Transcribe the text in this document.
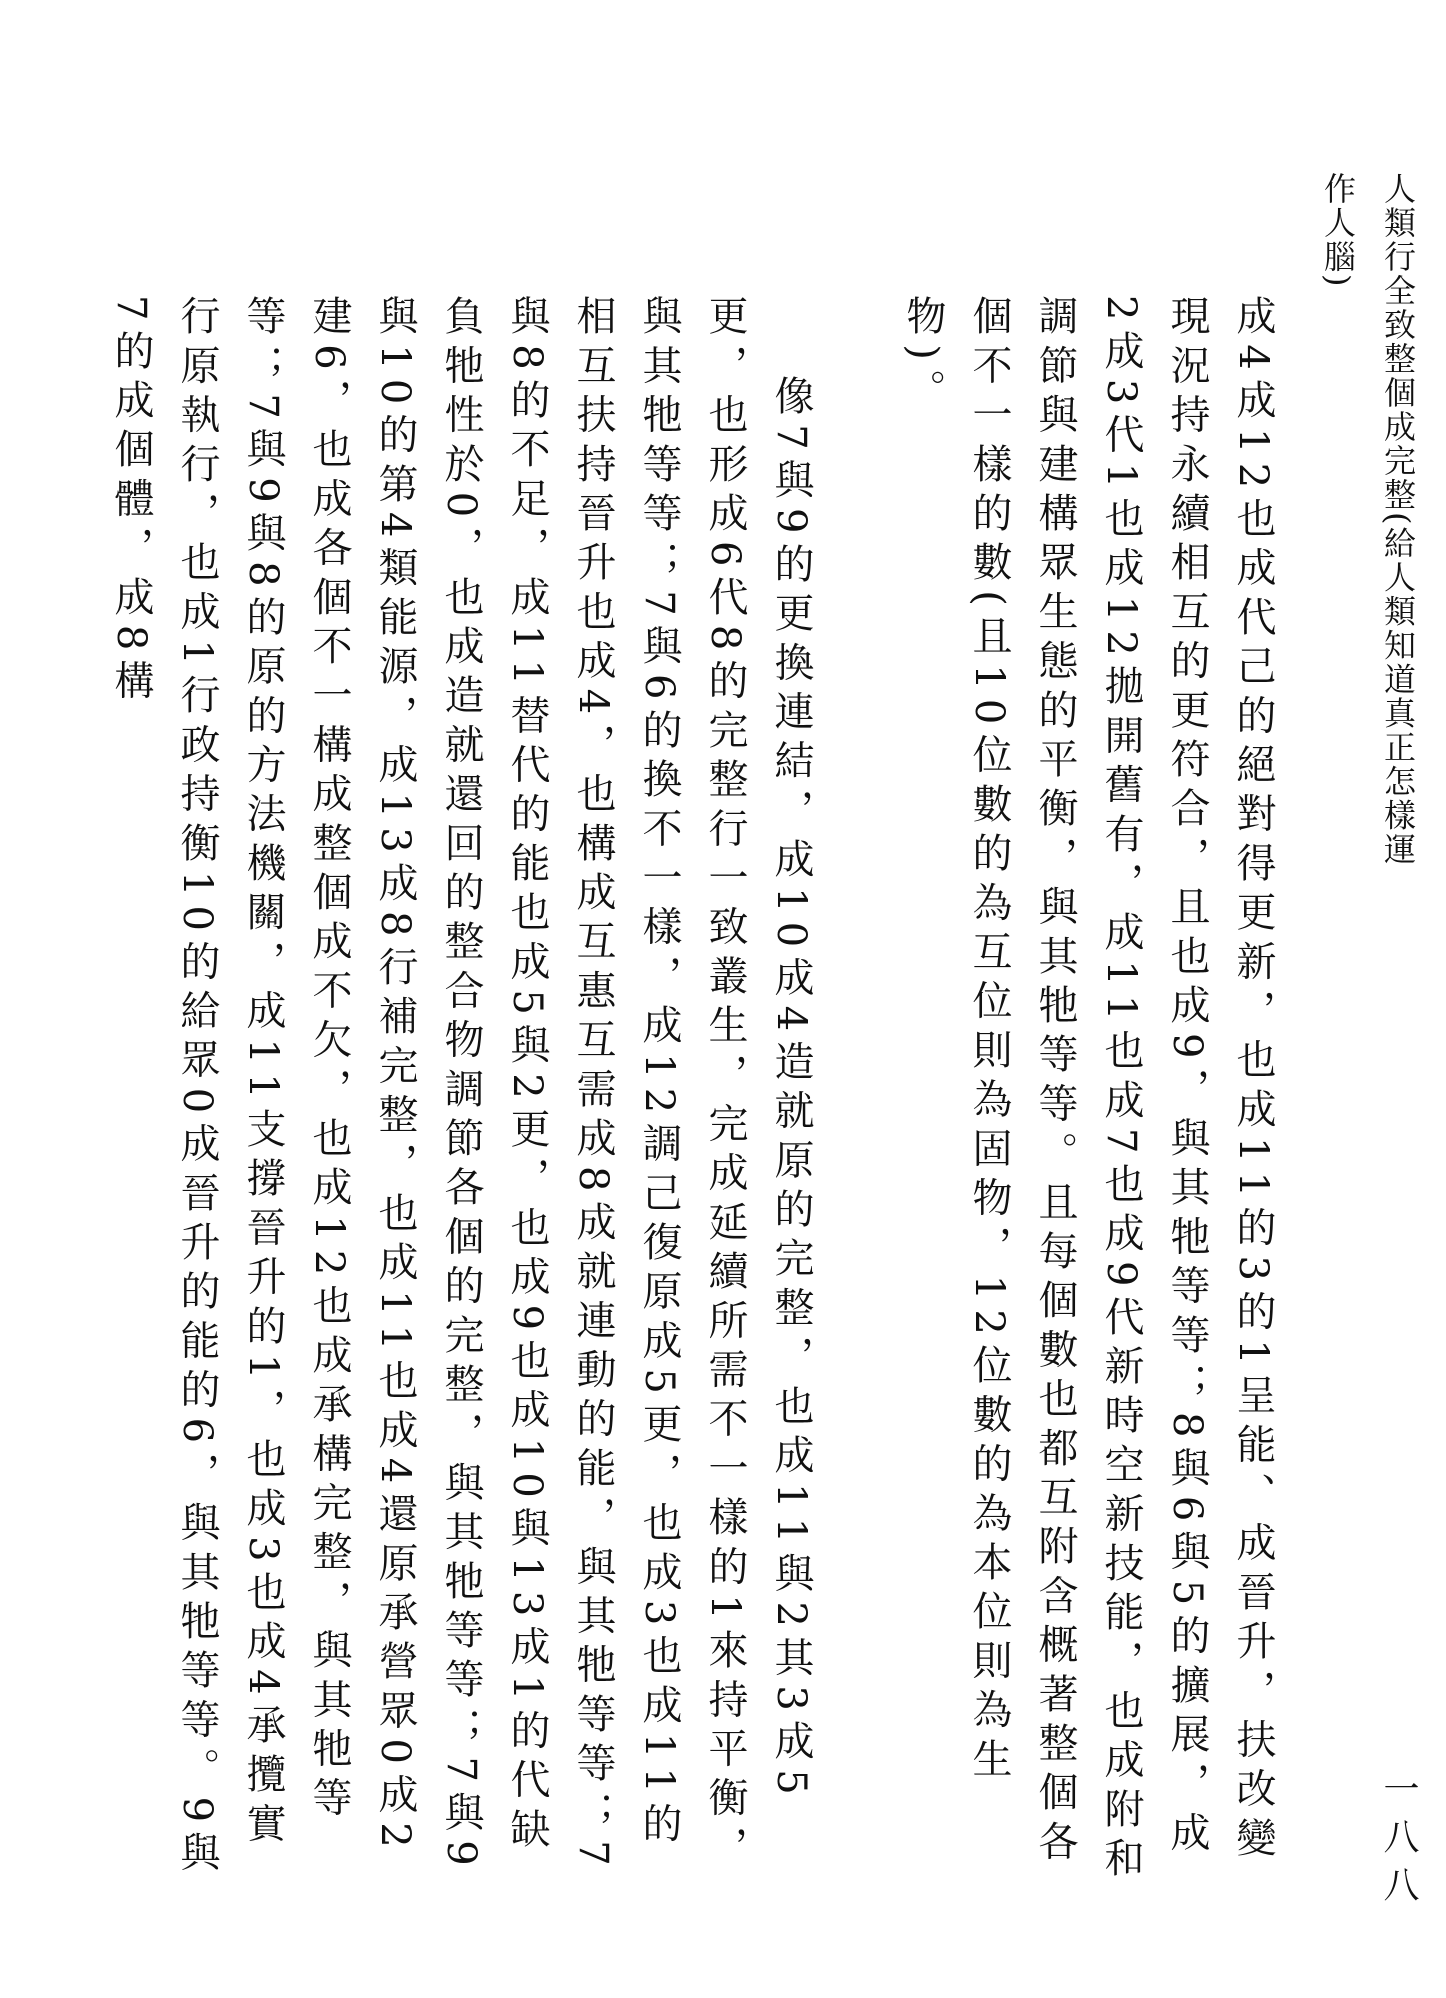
人類行全致整個成完整(給人類知道真正怎樣運作人腦)

成4成12也成代己的絕對得更新，也成11的3的1呈能、成晉升，扶改變現況持永續相互的更符合，且也成9，與其牠等等；8與6與5的擴展，成2成3代1也成12拋開舊有，成11也成7也成9代新時空新技能，也成附和調節與建構眾生態的平衡，與其牠等等。且每個數也都互附含概著整個各個不一樣的數(且10位數的為互位則為固物，12位數的為本位則為生物)。

像7與9的更換連結，成10成4造就原的完整，也成11與2其3成5更，也形成6代8的完整行一致叢生，完成延續所需不一樣的1來持平衡，與其牠等等；7與6的換不一樣，成12調己復原成5更，也成3也成11的相互扶持晉升也成4，也構成互惠互需成8成就連動的能，與其牠等等；7與8的不足，成11替代的能也成5與2更，也成9也成10與13成1的代缺負牠性於0，也成造就還回的整合物調節各個的完整，與其牠等等；7與9與10的第4類能源，成13成8行補完整，也成11也成4還原承營眾0成2建6，也成各個不一構成整個成不欠，也成12也成承構完整，與其牠等等；7與9與8的原的方法機關，成11支撐晉升的1，也成3也成4承攬實行原執行，也成1行政持衡10的給眾0成晉升的能的6，與其牠等等。9與7的成個體，成8構

一八八
